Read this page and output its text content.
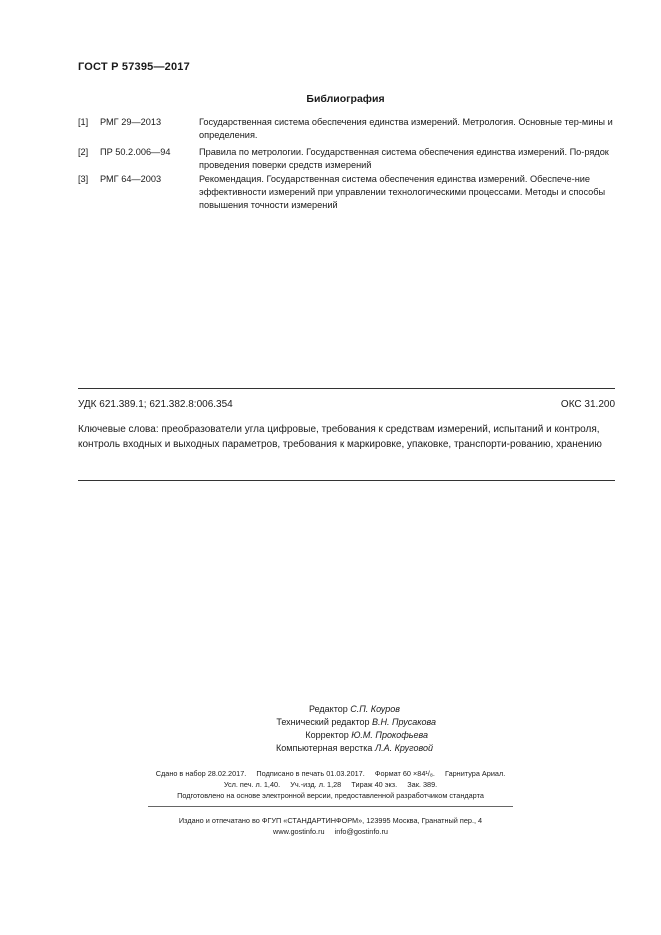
ГОСТ Р 57395—2017
Библиография
[1] РМГ 29—2013	Государственная система обеспечения единства измерений. Метрология. Основные тер-мины и определения.
[2] ПР 50.2.006—94	Правила по метрологии. Государственная система обеспечения единства измерений. По-рядок проведения поверки средств измерений
[3] РМГ 64—2003	Рекомендация. Государственная система обеспечения единства измерений. Обеспече-ние эффективности измерений при управлении технологическими процессами. Методы и способы повышения точности измерений
УДК 621.389.1; 621.382.8:006.354	ОКС 31.200
Ключевые слова: преобразователи угла цифровые, требования к средствам измерений, испытаний и контроля, контроль входных и выходных параметров, требования к маркировке, упаковке, транспорти-рованию, хранению
Редактор С.П. Коуров
Технический редактор В.Н. Прусакова
Корректор Ю.М. Прокофьева
Компьютерная верстка Л.А. Круговой
Сдано в набор 28.02.2017.     Подписано в печать 01.03.2017.     Формат 60 ×84¹/₈.     Гарнитура Ариал.
Усл. печ. л. 1,40.     Уч.-изд. л. 1,28     Тираж 40 экз.     Зак. 389.
Подготовлено на основе электронной версии, предоставленной разработчиком стандарта
Издано и отпечатано во ФГУП «СТАНДАРТИНФОРМ», 123995 Москва, Гранатный пер., 4
www.gostinfo.ru     info@gostinfo.ru
